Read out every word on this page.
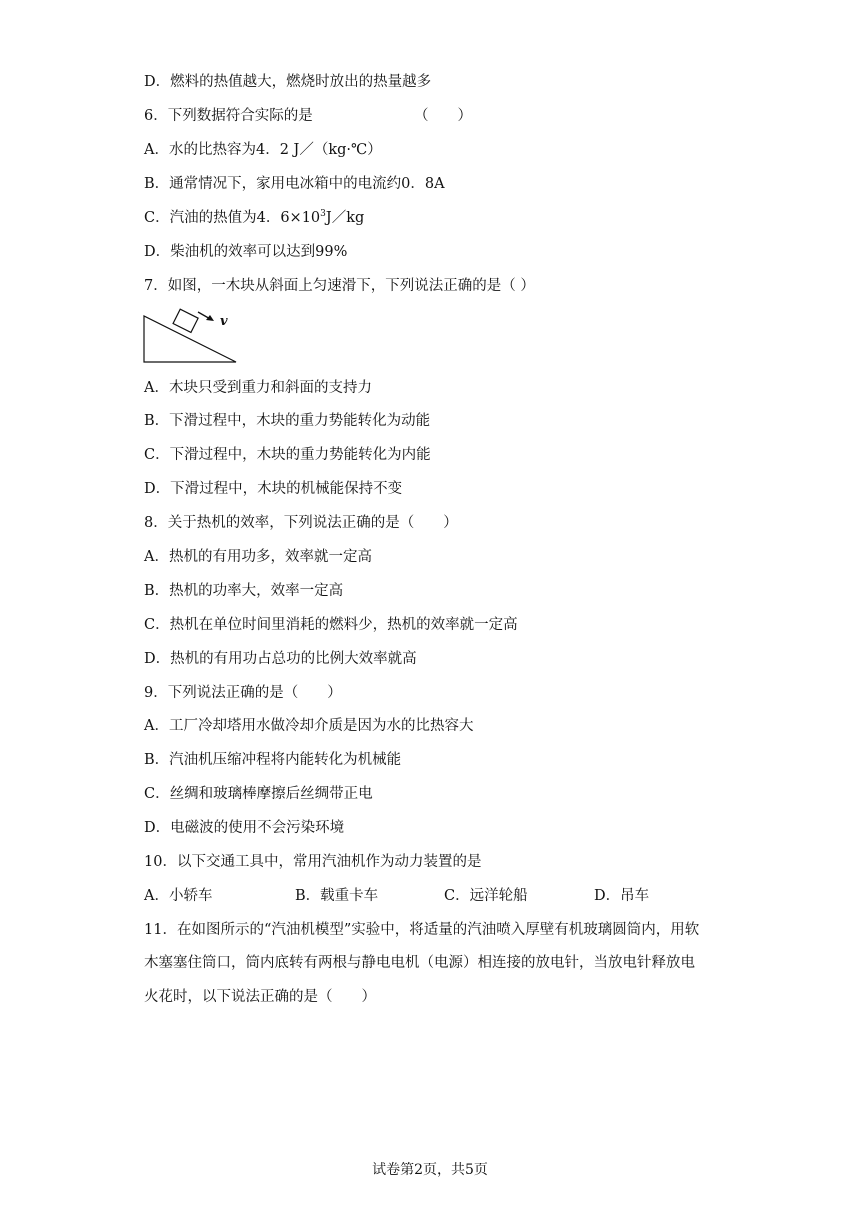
D．燃料的热值越大，燃烧时放出的热量越多
6．下列数据符合实际的是	（　　）
A．水的比热容为4．2 J／（kg·℃）
B．通常情况下，家用电冰箱中的电流约0．8A
C．汽油的热值为4．$6\times 10^3J/kg$
D．柴油机的效率可以达到99%
7．如图，一木块从斜面上匀速滑下，下列说法正确的是（ ）
v
A．木块只受到重力和斜面的支持力
B．下滑过程中，木块的重力势能转化为动能
C．下滑过程中，木块的重力势能转化为内能
D．下滑过程中，木块的机械能保持不变
8．关于热机的效率，下列说法正确的是（　　）
A．热机的有用功多，效率就一定高
B．热机的功率大，效率一定高
C．热机在单位时间里消耗的燃料少，热机的效率就一定高
D．热机的有用功占总功的比例大效率就高
9．下列说法正确的是（　　）
A．工厂冷却塔用水做冷却介质是因为水的比热容大
B．汽油机压缩冲程将内能转化为机械能
C．丝绸和玻璃棒摩擦后丝绸带正电
D．电磁波的使用不会污染环境
10．以下交通工具中，常用汽油机作为动力装置的是
A．小轿车	B．载重卡车	C．远洋轮船	D．吊车
11．在如图所示的“汽油机模型”实验中，将适量的汽油喷入厚壁有机玻璃圆筒内，用软
木塞塞住筒口，筒内底转有两根与静电电机（电源）相连接的放电针，当放电针释放电
火花时，以下说法正确的是（　　）
试卷第2页，共5页
